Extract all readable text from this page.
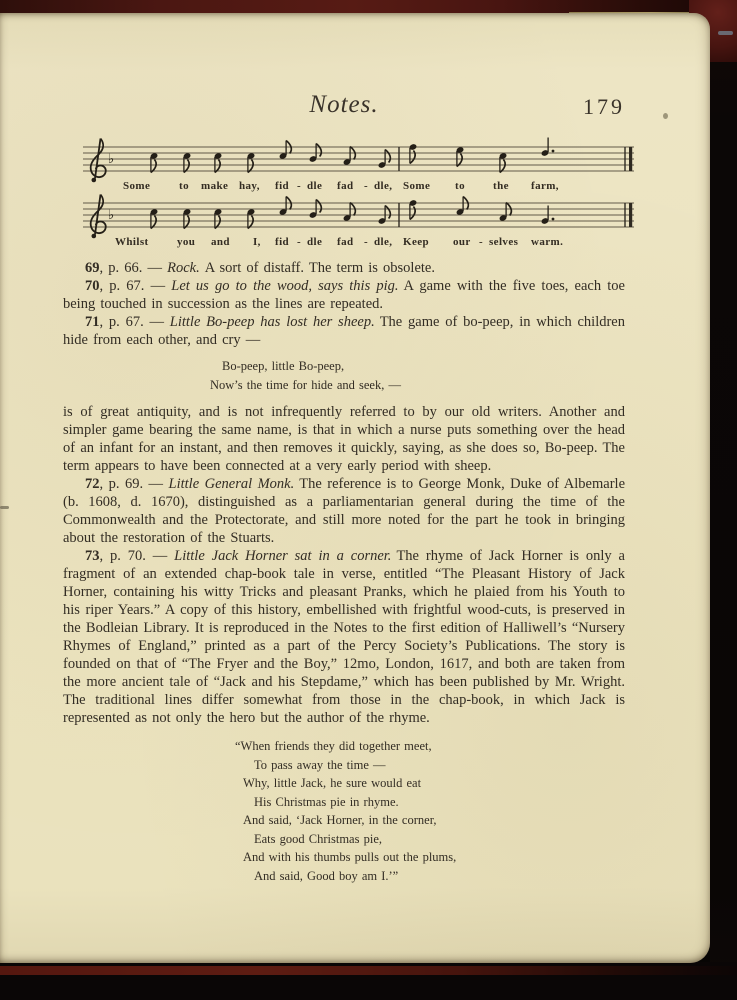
Notes.	179
♭
Some	to make hay, fid - dle fad - dle, Some to	the farm,
♭
Whilst	you and I, fid - dle fad - dle, Keep our - selves warm.

69, p. 66. — Rock. A sort of distaff. The term is obsolete.

70, p. 67. — Let us go to the wood, says this pig. A game with the five toes, each toe being touched in succession as the lines are repeated.

71, p. 67. — Little Bo-peep has lost her sheep. The game of bo-peep, in which children hide from each other, and cry —

Bo-peep, little Bo-peep,
Now’s the time for hide and seek, —

is of great antiquity, and is not infrequently referred to by our old writers. Another and simpler game bearing the same name, is that in which a nurse puts something over the head of an infant for an instant, and then removes it quickly, saying, as she does so, Bo-peep. The term appears to have been connected at a very early period with sheep.

72, p. 69. — Little General Monk. The reference is to George Monk, Duke of Albemarle (b. 1608, d. 1670), distinguished as a parliamentarian general during the time of the Commonwealth and the Protectorate, and still more noted for the part he took in bringing about the restoration of the Stuarts.

73, p. 70. — Little Jack Horner sat in a corner. The rhyme of Jack Horner is only a fragment of an extended chap-book tale in verse, entitled “The Pleasant History of Jack Horner, containing his witty Tricks and pleasant Pranks, which he plaied from his Youth to his riper Years.” A copy of this history, embellished with frightful wood-cuts, is preserved in the Bodleian Library. It is reproduced in the Notes to the first edition of Halliwell’s “Nursery Rhymes of England,” printed as a part of the Percy Society’s Publications. The story is founded on that of “The Fryer and the Boy,” 12mo, London, 1617, and both are taken from the more ancient tale of “Jack and his Stepdame,” which has been published by Mr. Wright. The traditional lines differ somewhat from those in the chap-book, in which Jack is represented as not only the hero but the author of the rhyme.

“When friends they did together meet,
To pass away the time —
Why, little Jack, he sure would eat
His Christmas pie in rhyme.
And said, ‘Jack Horner, in the corner,
Eats good Christmas pie,
And with his thumbs pulls out the plums,
And said, Good boy am I.’”
